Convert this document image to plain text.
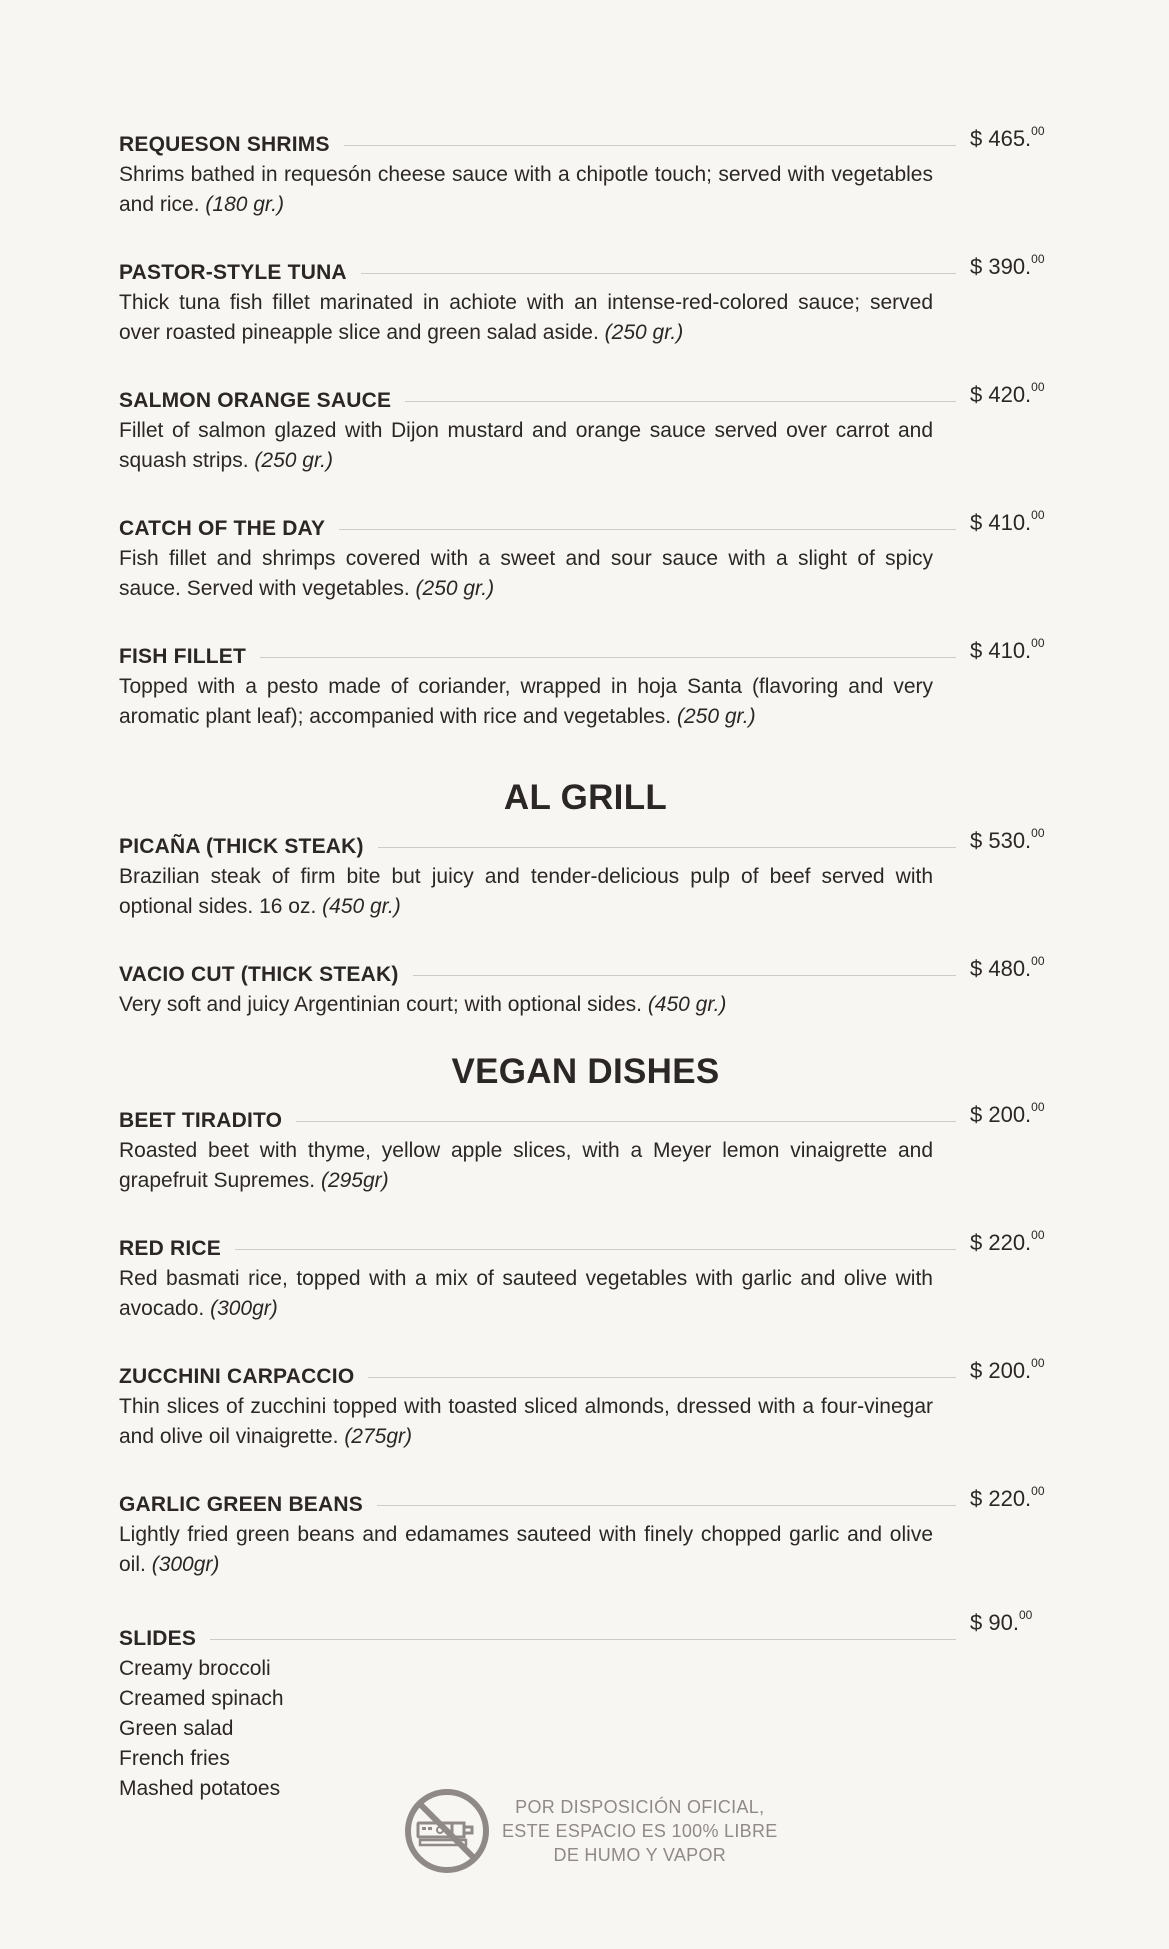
REQUESON SHRIMS	$ 465.00
Shrims bathed in requesón cheese sauce with a chipotle touch; served with vegetables and rice. (180 gr.)
PASTOR-STYLE TUNA	$ 390.00
Thick tuna fish fillet marinated in achiote with an intense-red-colored sauce; served over roasted pineapple slice and green salad aside. (250 gr.)
SALMON ORANGE SAUCE	$ 420.00
Fillet of salmon glazed with Dijon mustard and orange sauce served over carrot and squash strips. (250 gr.)
CATCH OF THE DAY	$ 410.00
Fish fillet and shrimps covered with a sweet and sour sauce with a slight of spicy sauce. Served with vegetables. (250 gr.)
FISH FILLET	$ 410.00
Topped with a pesto made of coriander, wrapped in hoja Santa (flavoring and very aromatic plant leaf); accompanied with rice and vegetables. (250 gr.)
AL GRILL
PICAÑA (THICK STEAK)	$ 530.00
Brazilian steak of firm bite but juicy and tender-delicious pulp of beef served with optional sides. 16 oz. (450 gr.)
VACIO CUT (THICK STEAK)	$ 480.00
Very soft and juicy Argentinian court; with optional sides. (450 gr.)
VEGAN DISHES
BEET TIRADITO	$ 200.00
Roasted beet with thyme, yellow apple slices, with a Meyer lemon vinaigrette and grapefruit Supremes. (295gr)
RED RICE	$ 220.00
Red basmati rice, topped with a mix of sauteed vegetables with garlic and olive with avocado. (300gr)
ZUCCHINI CARPACCIO	$ 200.00
Thin slices of zucchini topped with toasted sliced almonds, dressed with a four-vinegar and olive oil vinaigrette. (275gr)
GARLIC GREEN BEANS	$ 220.00
Lightly fried green beans and edamames sauteed with finely chopped garlic and olive oil. (300gr)
SLIDES
$ 90.00
Creamy broccoli
Creamed spinach
Green salad
French fries
Mashed potatoes
POR DISPOSICIÓN OFICIAL,
ESTE ESPACIO ES 100% LIBRE
DE HUMO Y VAPOR
